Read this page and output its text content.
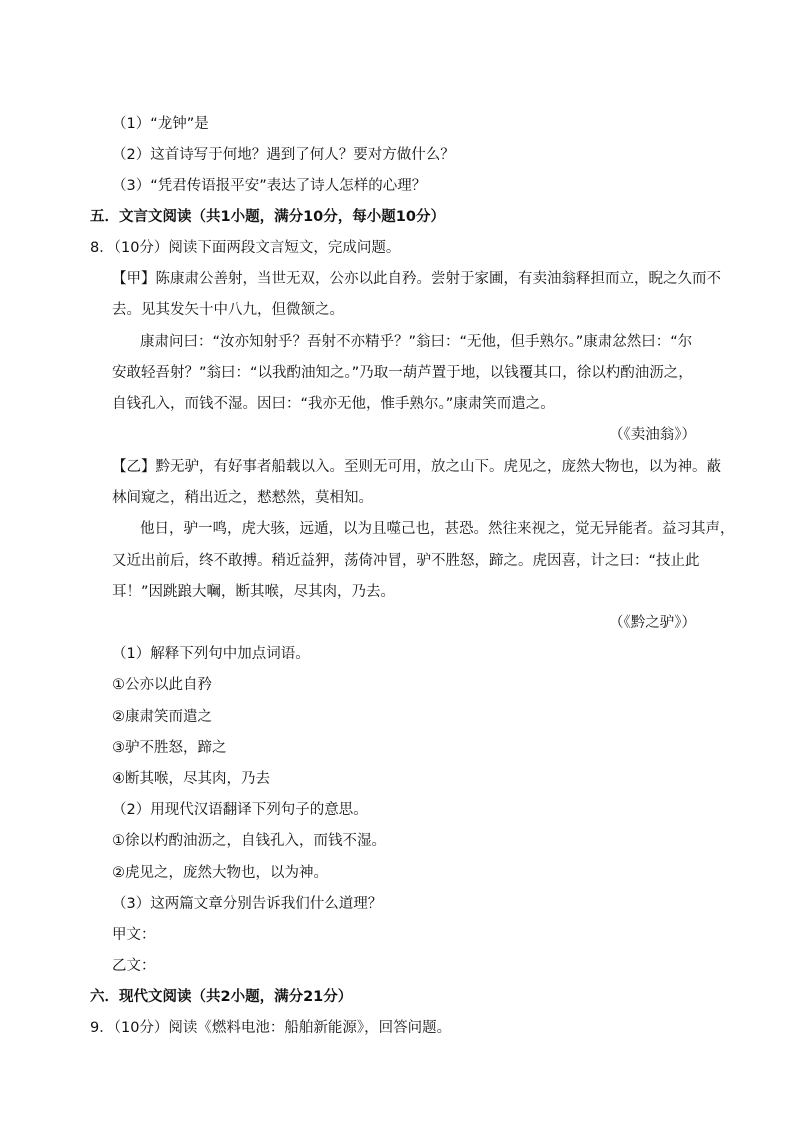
（1）“龙钟”是
（2）这首诗写于何地？遇到了何人？要对方做什么？
（3）“凭君传语报平安”表达了诗人怎样的心理？
五．文言文阅读（共1小题，满分10分，每小题10分）
8．（10分）阅读下面两段文言短文，完成问题。
【甲】陈康肃公善射，当世无双，公亦以此自矜。尝射于家圃，有卖油翁释担而立，睨之久而不
去。见其发矢十中八九，但微颔之。
康肃问曰：“汝亦知射乎？吾射不亦精乎？”翁曰：“无他，但手熟尔。”康肃忿然曰：“尔
安敢轻吾射？”翁曰：“以我酌油知之。”乃取一葫芦置于地，以钱覆其口，徐以杓酌油沥之，
自钱孔入，而钱不湿。因曰：“我亦无他，惟手熟尔。”康肃笑而遣之。
（《卖油翁》）
【乙】黔无驴，有好事者船载以入。至则无可用，放之山下。虎见之，庞然大物也，以为神。蔽
林间窥之，稍出近之，慭慭然，莫相知。
他日，驴一鸣，虎大骇，远遁，以为且噬己也，甚恐。然往来视之，觉无异能者。益习其声，
又近出前后，终不敢搏。稍近益狎，荡倚冲冒，驴不胜怒，蹄之。虎因喜，计之曰：“技止此
耳！”因跳踉大㘎，断其喉，尽其肉，乃去。
（《黔之驴》）
（1）解释下列句中加点词语。
①公亦以此自矜
②康肃笑而遣之
③驴不胜怒，蹄之
④断其喉，尽其肉，乃去
（2）用现代汉语翻译下列句子的意思。
①徐以杓酌油沥之，自钱孔入，而钱不湿。
②虎见之，庞然大物也，以为神。
（3）这两篇文章分别告诉我们什么道理？
甲文：
乙文：
六．现代文阅读（共2小题，满分21分）
9．（10分）阅读《燃料电池：船舶新能源》，回答问题。
